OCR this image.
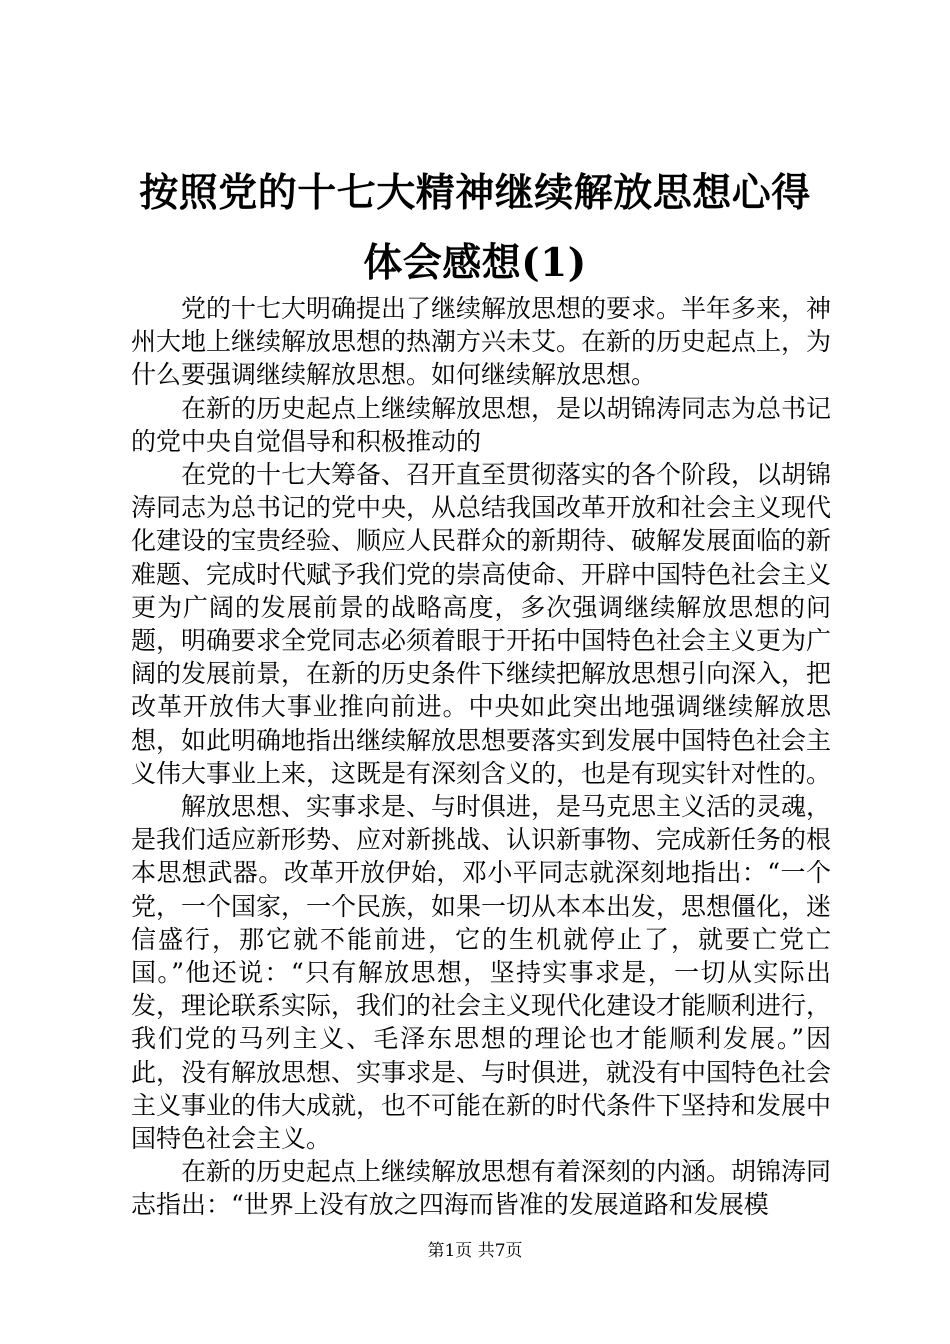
按照党的十七大精神继续解放思想心得体会感想(1)

党的十七大明确提出了继续解放思想的要求。半年多来，神州大地上继续解放思想的热潮方兴未艾。在新的历史起点上，为什么要强调继续解放思想。如何继续解放思想。

在新的历史起点上继续解放思想，是以胡锦涛同志为总书记的党中央自觉倡导和积极推动的

在党的十七大筹备、召开直至贯彻落实的各个阶段，以胡锦涛同志为总书记的党中央，从总结我国改革开放和社会主义现代化建设的宝贵经验、顺应人民群众的新期待、破解发展面临的新难题、完成时代赋予我们党的崇高使命、开辟中国特色社会主义更为广阔的发展前景的战略高度，多次强调继续解放思想的问题，明确要求全党同志必须着眼于开拓中国特色社会主义更为广阔的发展前景，在新的历史条件下继续把解放思想引向深入，把改革开放伟大事业推向前进。中央如此突出地强调继续解放思想，如此明确地指出继续解放思想要落实到发展中国特色社会主义伟大事业上来，这既是有深刻含义的，也是有现实针对性的。

解放思想、实事求是、与时俱进，是马克思主义活的灵魂，是我们适应新形势、应对新挑战、认识新事物、完成新任务的根本思想武器。改革开放伊始，邓小平同志就深刻地指出：“一个党，一个国家，一个民族，如果一切从本本出发，思想僵化，迷信盛行，那它就不能前进，它的生机就停止了，就要亡党亡国。”他还说：“只有解放思想，坚持实事求是，一切从实际出发，理论联系实际，我们的社会主义现代化建设才能顺利进行，我们党的马列主义、毛泽东思想的理论也才能顺利发展。”因此，没有解放思想、实事求是、与时俱进，就没有中国特色社会主义事业的伟大成就，也不可能在新的时代条件下坚持和发展中国特色社会主义。

在新的历史起点上继续解放思想有着深刻的内涵。胡锦涛同志指出：“世界上没有放之四海而皆准的发展道路和发展模

第1页 共7页
